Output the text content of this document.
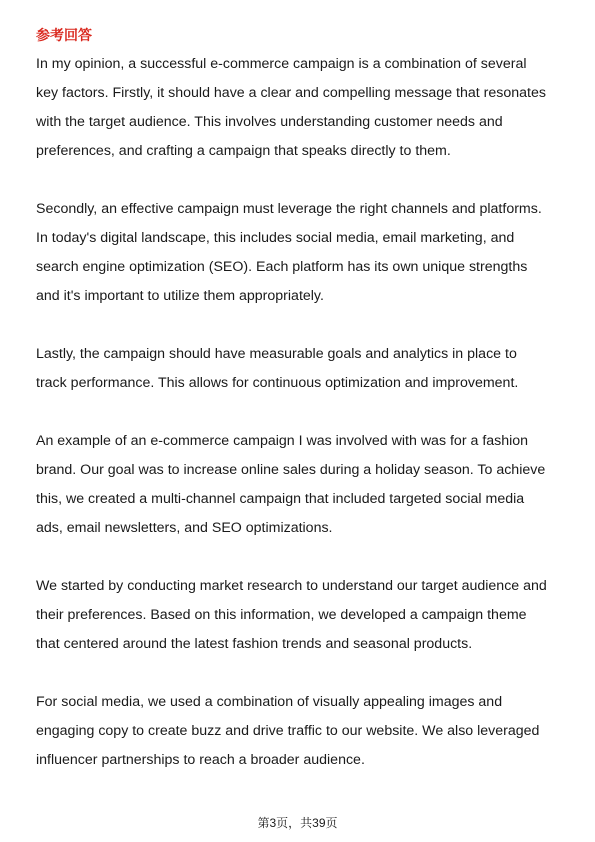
参考回答

In my opinion, a successful e-commerce campaign is a combination of several
key factors. Firstly, it should have a clear and compelling message that resonates
with the target audience. This involves understanding customer needs and
preferences, and crafting a campaign that speaks directly to them.

Secondly, an effective campaign must leverage the right channels and platforms.
In today's digital landscape, this includes social media, email marketing, and
search engine optimization (SEO). Each platform has its own unique strengths
and it's important to utilize them appropriately.

Lastly, the campaign should have measurable goals and analytics in place to
track performance. This allows for continuous optimization and improvement.

An example of an e-commerce campaign I was involved with was for a fashion
brand. Our goal was to increase online sales during a holiday season. To achieve
this, we created a multi-channel campaign that included targeted social media
ads, email newsletters, and SEO optimizations.

We started by conducting market research to understand our target audience and
their preferences. Based on this information, we developed a campaign theme
that centered around the latest fashion trends and seasonal products.

For social media, we used a combination of visually appealing images and
engaging copy to create buzz and drive traffic to our website. We also leveraged
influencer partnerships to reach a broader audience.

第3页，共39页
